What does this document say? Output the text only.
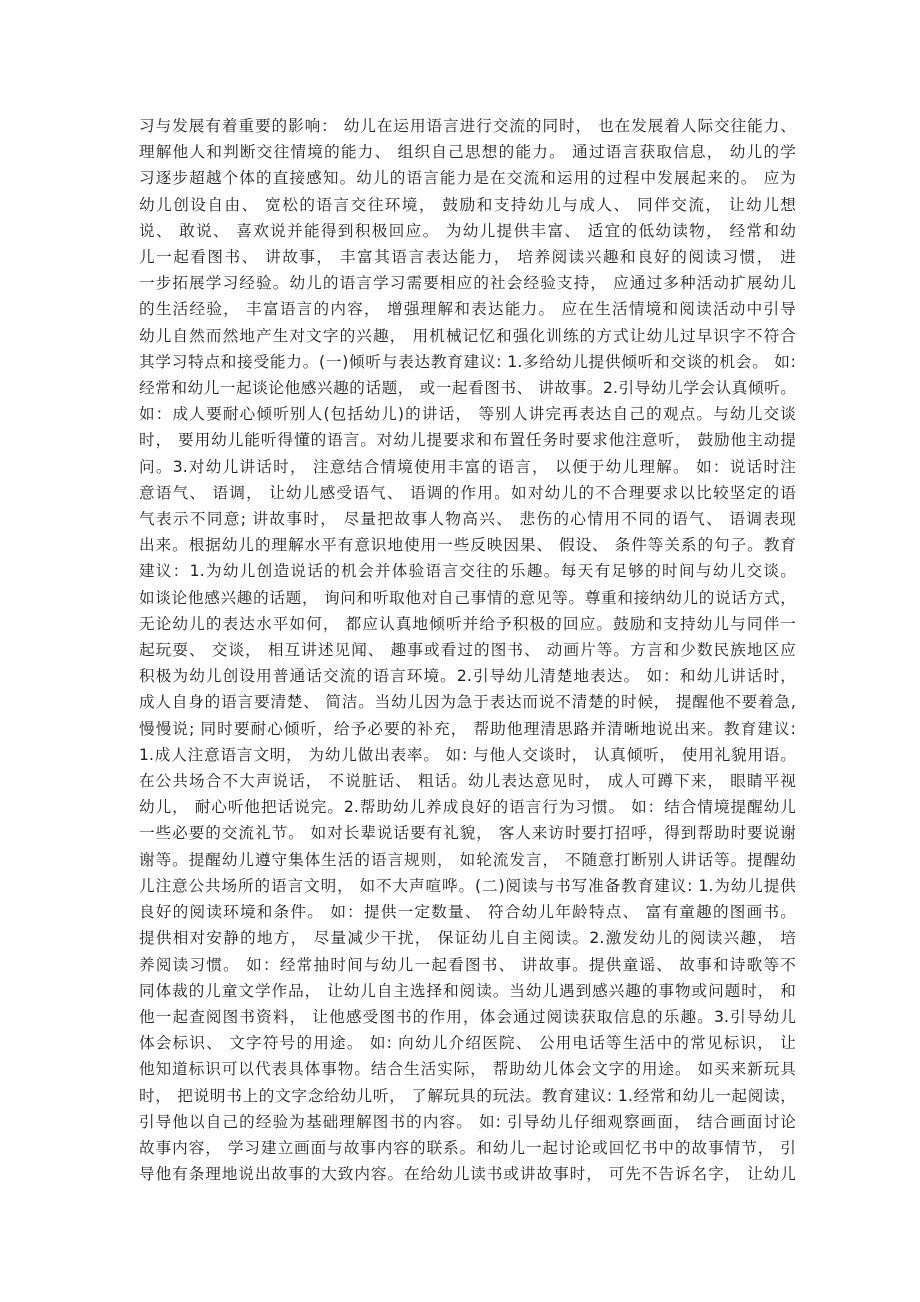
习与发展有着重要的影响： 幼儿在运用语言进行交流的同时， 也在发展着人际交往能力、
理解他人和判断交往情境的能力、 组织自己思想的能力。 通过语言获取信息， 幼儿的学
习逐步超越个体的直接感知。幼儿的语言能力是在交流和运用的过程中发展起来的。 应为
幼儿创设自由、 宽松的语言交往环境， 鼓励和支持幼儿与成人、 同伴交流， 让幼儿想
说、 敢说、 喜欢说并能得到积极回应。 为幼儿提供丰富、 适宜的低幼读物， 经常和幼
儿一起看图书、 讲故事， 丰富其语言表达能力， 培养阅读兴趣和良好的阅读习惯， 进
一步拓展学习经验。幼儿的语言学习需要相应的社会经验支持， 应通过多种活动扩展幼儿
的生活经验， 丰富语言的内容， 增强理解和表达能力。 应在生活情境和阅读活动中引导
幼儿自然而然地产生对文字的兴趣， 用机械记忆和强化训练的方式让幼儿过早识字不符合
其学习特点和接受能力。(一)倾听与表达教育建议: 1.多给幼儿提供倾听和交谈的机会。 如:
经常和幼儿一起谈论他感兴趣的话题， 或一起看图书、 讲故事。2.引导幼儿学会认真倾听。
如：成人要耐心倾听别人(包括幼儿)的讲话， 等别人讲完再表达自己的观点。与幼儿交谈
时， 要用幼儿能听得懂的语言。对幼儿提要求和布置任务时要求他注意听， 鼓励他主动提
问。3.对幼儿讲话时， 注意结合情境使用丰富的语言， 以便于幼儿理解。 如：说话时注
意语气、 语调， 让幼儿感受语气、 语调的作用。如对幼儿的不合理要求以比较坚定的语
气表示不同意; 讲故事时， 尽量把故事人物高兴、 悲伤的心情用不同的语气、 语调表现
出来。根据幼儿的理解水平有意识地使用一些反映因果、 假设、 条件等关系的句子。教育
建议：1.为幼儿创造说话的机会并体验语言交往的乐趣。每天有足够的时间与幼儿交谈。
如谈论他感兴趣的话题， 询问和听取他对自己事情的意见等。尊重和接纳幼儿的说话方式，
无论幼儿的表达水平如何， 都应认真地倾听并给予积极的回应。鼓励和支持幼儿与同伴一
起玩耍、 交谈， 相互讲述见闻、 趣事或看过的图书、 动画片等。方言和少数民族地区应
积极为幼儿创设用普通话交流的语言环境。2.引导幼儿清楚地表达。 如：和幼儿讲话时，
成人自身的语言要清楚、 简洁。当幼儿因为急于表达而说不清楚的时候， 提醒他不要着急,
慢慢说; 同时要耐心倾听，给予必要的补充， 帮助他理清思路并清晰地说出来。教育建议:
1.成人注意语言文明， 为幼儿做出表率。 如: 与他人交谈时， 认真倾听， 使用礼貌用语。
在公共场合不大声说话， 不说脏话、 粗话。幼儿表达意见时， 成人可蹲下来， 眼睛平视
幼儿， 耐心听他把话说完。2.帮助幼儿养成良好的语言行为习惯。 如：结合情境提醒幼儿
一些必要的交流礼节。 如对长辈说话要有礼貌， 客人来访时要打招呼，得到帮助时要说谢
谢等。提醒幼儿遵守集体生活的语言规则， 如轮流发言， 不随意打断别人讲话等。提醒幼
儿注意公共场所的语言文明， 如不大声喧哗。(二)阅读与书写准备教育建议: 1.为幼儿提供
良好的阅读环境和条件。 如：提供一定数量、 符合幼儿年龄特点、 富有童趣的图画书。
提供相对安静的地方， 尽量减少干扰， 保证幼儿自主阅读。2.激发幼儿的阅读兴趣， 培
养阅读习惯。 如：经常抽时间与幼儿一起看图书、 讲故事。提供童谣、 故事和诗歌等不
同体裁的儿童文学作品， 让幼儿自主选择和阅读。当幼儿遇到感兴趣的事物或问题时， 和
他一起查阅图书资料， 让他感受图书的作用，体会通过阅读获取信息的乐趣。3.引导幼儿
体会标识、 文字符号的用途。 如: 向幼儿介绍医院、 公用电话等生活中的常见标识， 让
他知道标识可以代表具体事物。结合生活实际， 帮助幼儿体会文字的用途。 如买来新玩具
时， 把说明书上的文字念给幼儿听， 了解玩具的玩法。教育建议: 1.经常和幼儿一起阅读，
引导他以自己的经验为基础理解图书的内容。 如: 引导幼儿仔细观察画面， 结合画面讨论
故事内容， 学习建立画面与故事内容的联系。和幼儿一起讨论或回忆书中的故事情节， 引
导他有条理地说出故事的大致内容。在给幼儿读书或讲故事时， 可先不告诉名字， 让幼儿
